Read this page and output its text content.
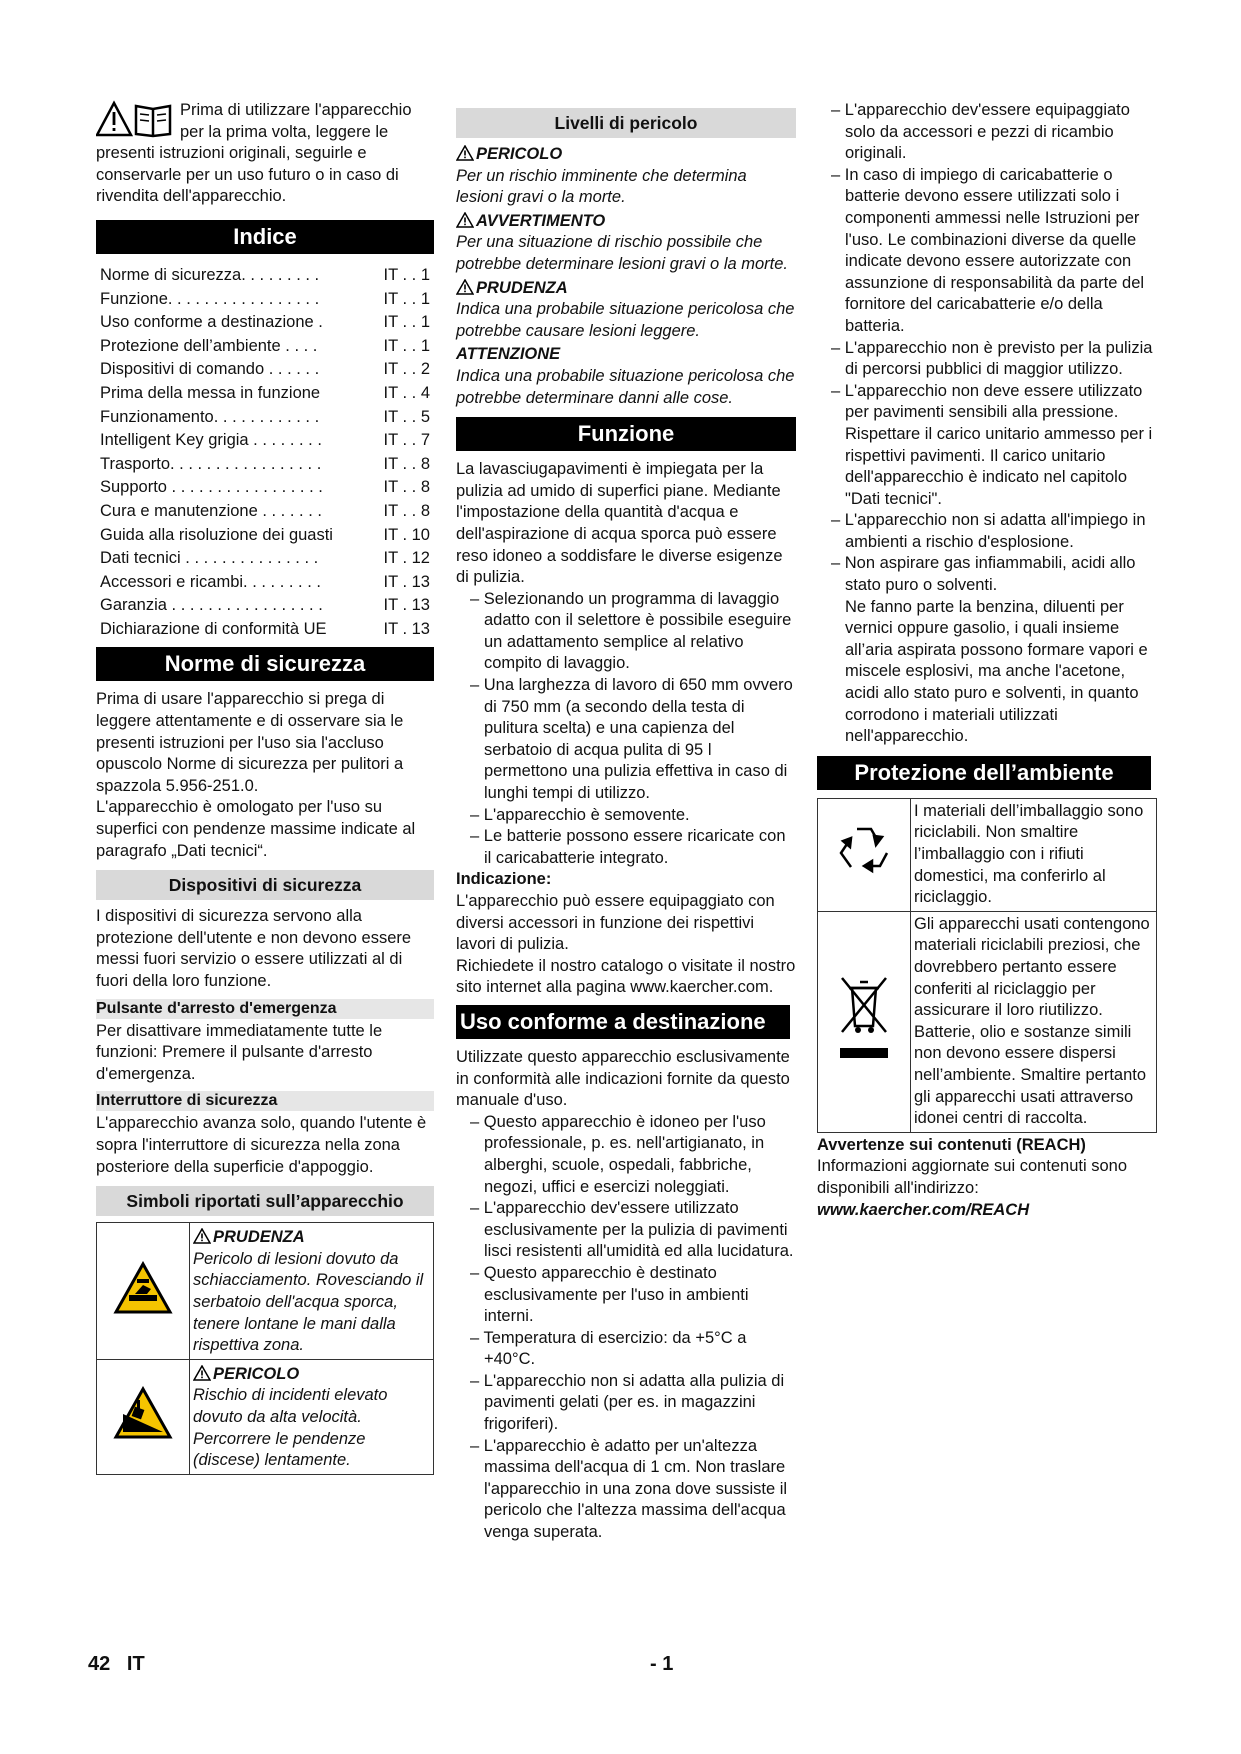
Prima di utilizzare l'apparecchio per la prima volta, leggere le presenti istruzioni originali, seguirle e conservarle per un uso futuro o in caso di rivendita dell'apparecchio.

Indice
Norme di sicurezza. . . . . . . . .	IT . . 1
Funzione. . . . . . . . . . . . . . . . .	IT . . 1
Uso conforme a destinazione .	IT . . 1
Protezione dell’ambiente . . . .	IT . . 1
Dispositivi di comando . . . . . .	IT . . 2
Prima della messa in funzione	IT . . 4
Funzionamento. . . . . . . . . . . .	IT . . 5
Intelligent Key grigia . . . . . . . .	IT . . 7
Trasporto. . . . . . . . . . . . . . . . .	IT . . 8
Supporto . . . . . . . . . . . . . . . . .	IT . . 8
Cura e manutenzione . . . . . . .	IT . . 8
Guida alla risoluzione dei guasti	IT . 10
Dati tecnici . . . . . . . . . . . . . . .	IT . 12
Accessori e ricambi. . . . . . . . .	IT . 13
Garanzia . . . . . . . . . . . . . . . . .	IT . 13
Dichiarazione di conformità UE	IT . 13
Norme di sicurezza

Prima di usare l'apparecchio si prega di leggere attentamente e di osservare sia le presenti istruzioni per l'uso sia l'accluso opuscolo Norme di sicurezza per pulitori a spazzola 5.956-251.0.

L'apparecchio è omologato per l'uso su superfici con pendenze massime indicate al paragrafo „Dati tecnici“.

Dispositivi di sicurezza

I dispositivi di sicurezza servono alla protezione dell'utente e non devono essere messi fuori servizio o essere utilizzati al di fuori della loro funzione.

Pulsante d'arresto d'emergenza

Per disattivare immediatamente tutte le funzioni: Premere il pulsante d'arresto d'emergenza.

Interruttore di sicurezza

L'apparecchio avanza solo, quando l'utente è sopra l'interruttore di sicurezza nella zona posteriore della superficie d'appoggio.

Simboli riportati sull’apparecchio

PRUDENZA
Pericolo di lesioni dovuto da schiacciamento. Rovesciando il serbatoio dell'acqua sporca, tenere lontane le mani dalla rispettiva zona.

PERICOLO
Rischio di incidenti elevato dovuto da alta velocità. Percorrere le pendenze (discese) lentamente.
Livelli di pericolo
PERICOLO

Per un rischio imminente che determina lesioni gravi o la morte.

AVVERTIMENTO

Per una situazione di rischio possibile che potrebbe determinare lesioni gravi o la morte.

PRUDENZA

Indica una probabile situazione pericolosa che potrebbe causare lesioni leggere.

ATTENZIONE

Indica una probabile situazione pericolosa che potrebbe determinare danni alle cose.

Funzione

La lavasciugapavimenti è impiegata per la pulizia ad umido di superfici piane. Mediante l'impostazione della quantità d'acqua e dell'aspirazione di acqua sporca può essere reso idoneo a soddisfare le diverse esigenze di pulizia.

– Selezionando un programma di lavaggio adatto con il selettore è possibile eseguire un adattamento semplice al relativo compito di lavaggio.
– Una larghezza di lavoro di 650 mm ovvero di 750 mm (a secondo della testa di pulitura scelta) e una capienza del serbatoio di acqua pulita di 95 l permettono una pulizia effettiva in caso di lunghi tempi di utilizzo.
– L'apparecchio è semovente.
– Le batterie possono essere ricaricate con il caricabatterie integrato.

Indicazione:

L'apparecchio può essere equipaggiato con diversi accessori in funzione dei rispettivi lavori di pulizia.

Richiedete il nostro catalogo o visitate il nostro sito internet alla pagina www.kaercher.com.

Uso conforme a destinazione

Utilizzate questo apparecchio esclusivamente in conformità alle indicazioni fornite da questo manuale d'uso.

– Questo apparecchio è idoneo per l'uso professionale, p. es. nell'artigianato, in alberghi, scuole, ospedali, fabbriche, negozi, uffici e esercizi noleggiati.
– L'apparecchio dev'essere utilizzato esclusivamente per la pulizia di pavimenti lisci resistenti all'umidità ed alla lucidatura.
– Questo apparecchio è destinato esclusivamente per l'uso in ambienti interni.
– Temperatura di esercizio: da +5°C a +40°C.
– L'apparecchio non si adatta alla pulizia di pavimenti gelati (per es. in magazzini frigoriferi).
– L'apparecchio è adatto per un'altezza massima dell'acqua di 1 cm. Non traslare l'apparecchio in una zona dove sussiste il pericolo che l'altezza massima dell'acqua venga superata.
– L'apparecchio dev'essere equipaggiato solo da accessori e pezzi di ricambio originali.
– In caso di impiego di caricabatterie o batterie devono essere utilizzati solo i componenti ammessi nelle Istruzioni per l'uso. Le combinazioni diverse da quelle indicate devono essere autorizzate con assunzione di responsabilità da parte del fornitore del caricabatterie e/o della batteria.
– L'apparecchio non è previsto per la pulizia di percorsi pubblici di maggior utilizzo.
– L'apparecchio non deve essere utilizzato per pavimenti sensibili alla pressione. Rispettare il carico unitario ammesso per i rispettivi pavimenti. Il carico unitario dell'apparecchio è indicato nel capitolo "Dati tecnici".
– L'apparecchio non si adatta all'impiego in ambienti a rischio d'esplosione.
– Non aspirare gas infiammabili, acidi allo stato puro o solventi.
Ne fanno parte la benzina, diluenti per vernici oppure gasolio, i quali insieme all’aria aspirata possono formare vapori e miscele esplosivi, ma anche l'acetone, acidi allo stato puro e solventi, in quanto corrodono i materiali utilizzati nell'apparecchio.
Protezione dell’ambiente
	I materiali dell’imballaggio sono riciclabili. Non smaltire l’imballaggio con i rifiuti domestici, ma conferirlo al riciclaggio.
	Gli apparecchi usati contengono materiali riciclabili preziosi, che dovrebbero pertanto essere conferiti al riciclaggio per assicurare il loro riutilizzo. Batterie, olio e sostanze simili non devono essere dispersi nell’ambiente. Smaltire pertanto gli apparecchi usati attraverso idonei centri di raccolta.

Avvertenze sui contenuti (REACH)

Informazioni aggiornate sui contenuti sono disponibili all'indirizzo:

www.kaercher.com/REACH

42 IT	- 1
